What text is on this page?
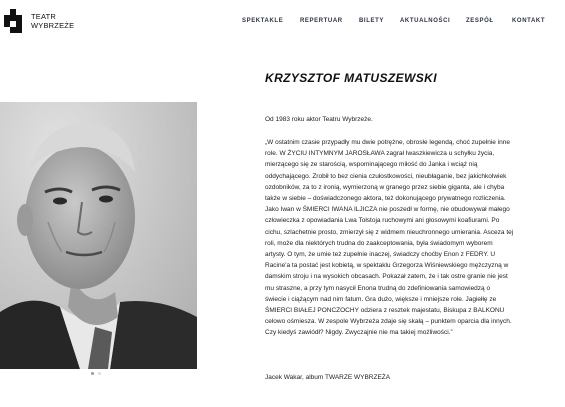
TEATR
WYBRZEŻE	SPEKTAKLE	REPERTUAR	BILETY	AKTUALNOŚCI	ZESPÓŁ	KONTAKT
KRZYSZTOF MATUSZEWSKI
Od 1983 roku aktor Teatru Wybrzeże.
„W ostatnim czasie przypadły mu dwie potrężne, obrosłe legendą, choć zupełnie inne
role. W ŻYCIU INTYMNYM JAROSŁAWA zagrał Iwaszkiewicza u schyłku życia,
mierzącego się ze starością, wspominającego miłość do Janka i wciąż nią
oddychającego. Zrobił to bez cienia czułostkowości, nieubłaganie, bez jakichkolwiek
ozdobników, za to z ironią, wymierzoną w granego przez siebie giganta, ale i chyba
także w siebie – doświadczonego aktora, też dokonującego prywatnego rozliczenia.
Jako Iwan w ŚMIERCI IWANA ILJICZA nie poszedł w formę, nie obudowywał małego
człowieczka z opowiadania Lwa Tołstoja ruchowymi ani głosowymi koafiurami. Po
cichu, szlachetnie prosto, zmierzył się z widmem nieuchronnego umierania. Asceza tej
roli, może dla niektórych trudna do zaakceptowania, była świadomym wyborem
artysty. O tym, że umie też zupełnie inaczej, świadczy choćby Enon z FEDRY. U
Racine'a ta postać jest kobietą, w spektaklu Grzegorza Wiśniewskiego mężczyzną w
damskim stroju i na wysokich obcasach. Pokazał zatem, że i tak ostre granie nie jest
mu straszne, a przy tym nasycił Enona trudną do zdefiniowania samowiedzą o
świecie i ciążącym nad nim fatum. Gra dużo, większe i mniejsze role. Jagiełłę ze
ŚMIERCI BIAŁEJ PONCZOCHY odziera z resztek majestatu, Biskupa z BALKONU
celowo ośmiesza. W zespole Wybrzeża zdaje się skałą – punktem oparcia dla innych.
Czy kiedyś zawiódł? Nigdy. Zwyczajnie nie ma takiej możliwości.”
Jacek Wakar, album TWARZE WYBRZEŻA
